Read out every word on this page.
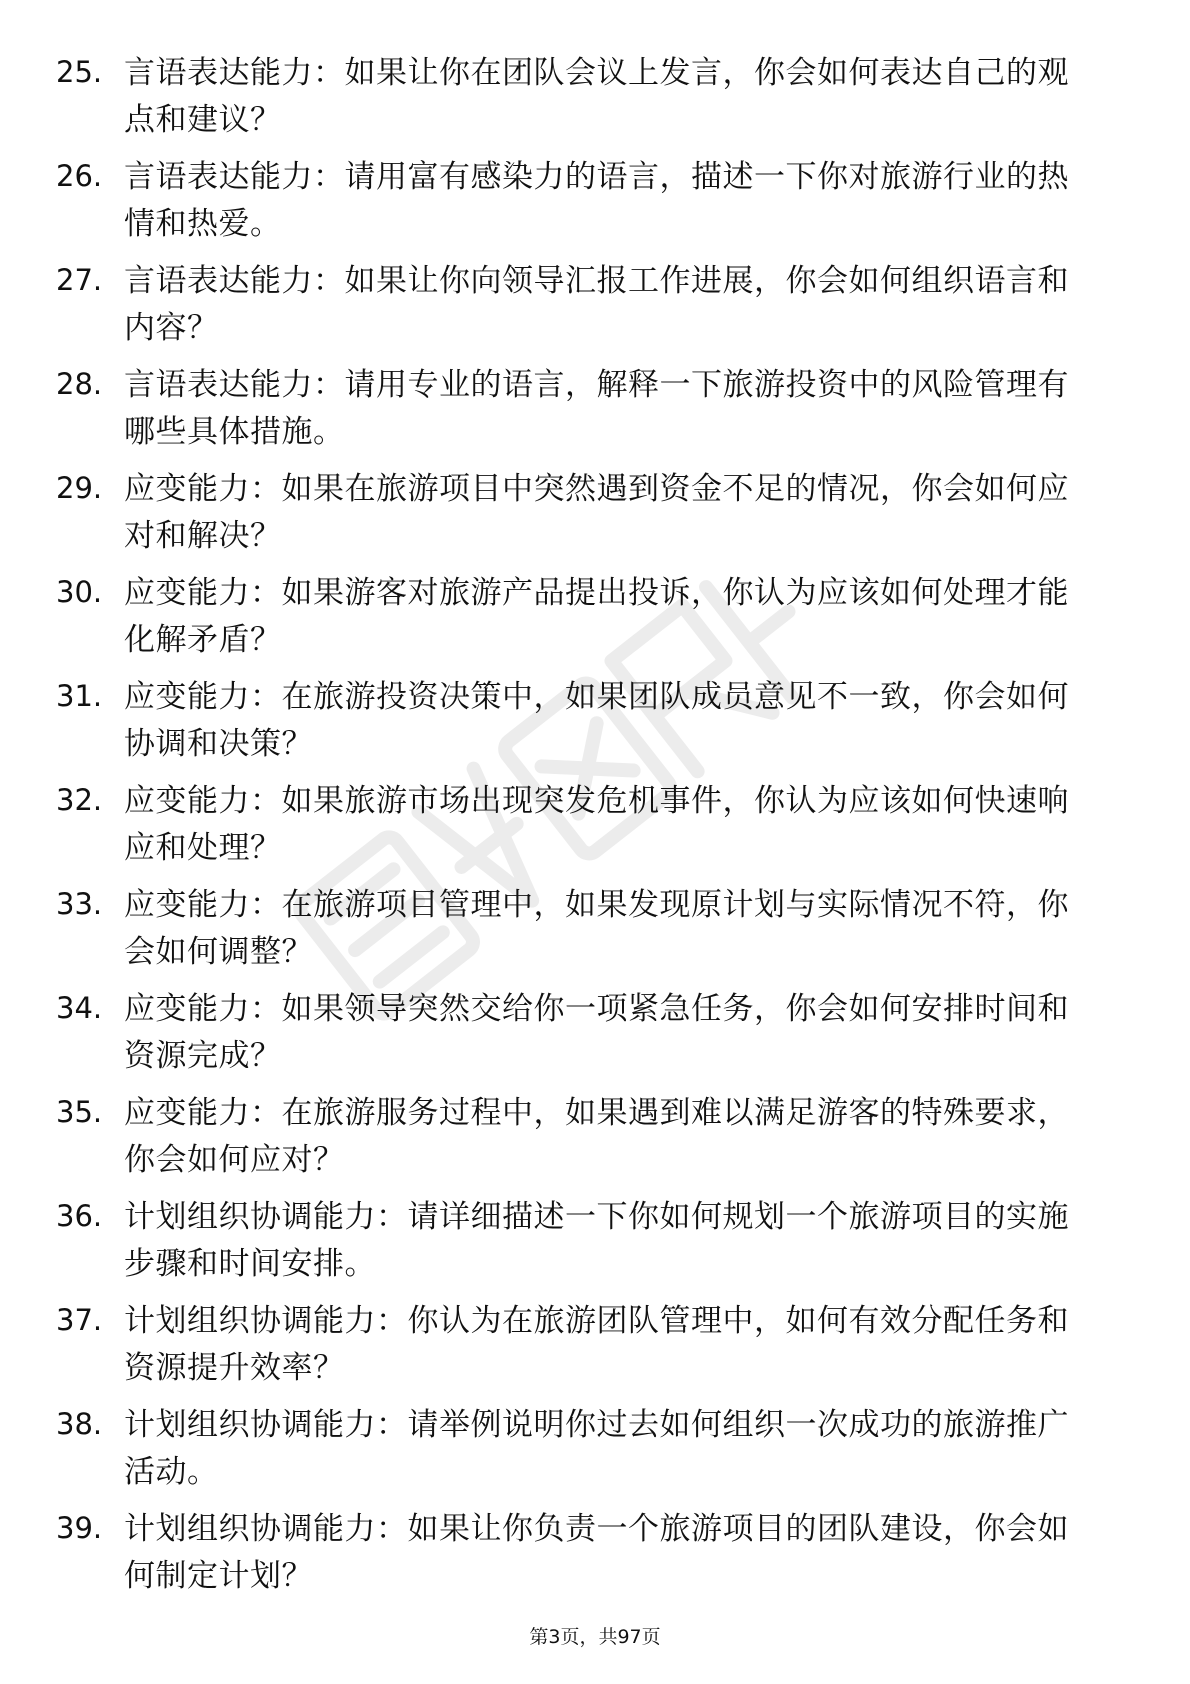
25. 言语表达能力：如果让你在团队会议上发言，你会如何表达自己的观点和建议？
26. 言语表达能力：请用富有感染力的语言，描述一下你对旅游行业的热情和热爱。
27. 言语表达能力：如果让你向领导汇报工作进展，你会如何组织语言和内容？
28. 言语表达能力：请用专业的语言，解释一下旅游投资中的风险管理有哪些具体措施。
29. 应变能力：如果在旅游项目中突然遇到资金不足的情况，你会如何应对和解决？
30. 应变能力：如果游客对旅游产品提出投诉，你认为应该如何处理才能化解矛盾？
31. 应变能力：在旅游投资决策中，如果团队成员意见不一致，你会如何协调和决策？
32. 应变能力：如果旅游市场出现突发危机事件，你认为应该如何快速响应和处理？
33. 应变能力：在旅游项目管理中，如果发现原计划与实际情况不符，你会如何调整？
34. 应变能力：如果领导突然交给你一项紧急任务，你会如何安排时间和资源完成？
35. 应变能力：在旅游服务过程中，如果遇到难以满足游客的特殊要求，你会如何应对？
36. 计划组织协调能力：请详细描述一下你如何规划一个旅游项目的实施步骤和时间安排。
37. 计划组织协调能力：你认为在旅游团队管理中，如何有效分配任务和资源提升效率？
38. 计划组织协调能力：请举例说明你过去如何组织一次成功的旅游推广活动。
39. 计划组织协调能力：如果让你负责一个旅游项目的团队建设，你会如何制定计划？
第3页，共97页
